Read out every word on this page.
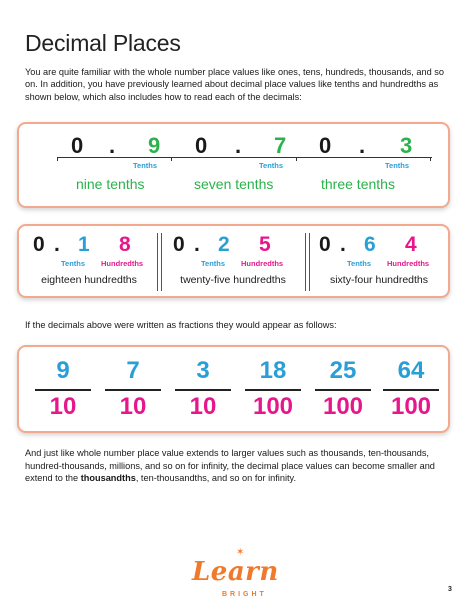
Decimal Places
You are quite familiar with the whole number place values like ones, tens, hundreds, thousands, and so on. In addition, you have previously learned about decimal place values like tenths and hundredths as shown below, which also includes how to read each of the decimals:
0 . 9 0 . 7 0 . 3
Tenths	Tenths	Tenths
nine tenths	seven tenths	three tenths
0 . 1 8
Tenths Hundredths
eighteen hundredths
0 . 2 5
Tenths Hundredths
twenty-five hundredths
0 . 6 4
Tenths Hundredths
sixty-four hundredths
If the decimals above were written as fractions they would appear as follows:
9
10
7
10
3
10
18
100
25
100
64
100
And just like whole number place value extends to larger values such as thousands, ten-thousands, hundred-thousands, millions, and so on for infinity, the decimal place values can become smaller and extend to the thousandths, ten-thousandths, and so on for infinity.
✶
Learn
BRIGHT
3
